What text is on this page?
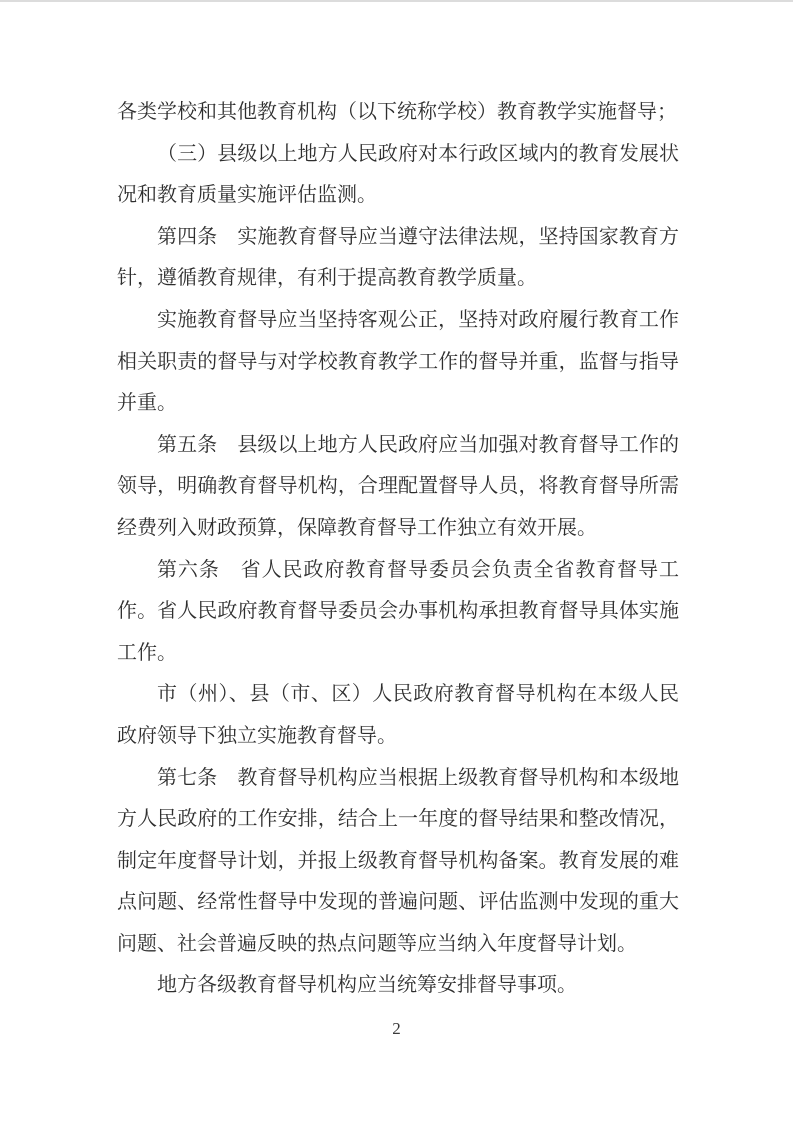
各类学校和其他教育机构（以下统称学校）教育教学实施督导；

（三）县级以上地方人民政府对本行政区域内的教育发展状况和教育质量实施评估监测。

第四条　实施教育督导应当遵守法律法规，坚持国家教育方针，遵循教育规律，有利于提高教育教学质量。

实施教育督导应当坚持客观公正，坚持对政府履行教育工作相关职责的督导与对学校教育教学工作的督导并重，监督与指导并重。

第五条　县级以上地方人民政府应当加强对教育督导工作的领导，明确教育督导机构，合理配置督导人员，将教育督导所需经费列入财政预算，保障教育督导工作独立有效开展。

第六条　省人民政府教育督导委员会负责全省教育督导工作。省人民政府教育督导委员会办事机构承担教育督导具体实施工作。

市（州）、县（市、区）人民政府教育督导机构在本级人民政府领导下独立实施教育督导。

第七条　教育督导机构应当根据上级教育督导机构和本级地方人民政府的工作安排，结合上一年度的督导结果和整改情况，制定年度督导计划，并报上级教育督导机构备案。教育发展的难点问题、经常性督导中发现的普遍问题、评估监测中发现的重大问题、社会普遍反映的热点问题等应当纳入年度督导计划。

地方各级教育督导机构应当统筹安排督导事项。

2
